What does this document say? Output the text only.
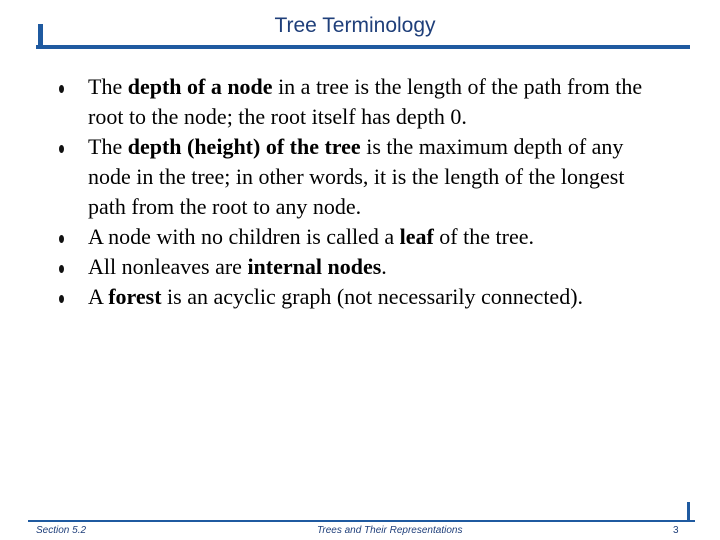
Tree Terminology
The depth of a node in a tree is the length of the path from the root to the node; the root itself has depth 0.
The depth (height) of the tree is the maximum depth of any node in the tree; in other words, it is the length of the longest path from the root to any node.
A node with no children is called a leaf of the tree.
All nonleaves are internal nodes.
A forest is an acyclic graph (not necessarily connected).
Section 5.2	Trees and Their Representations	3
